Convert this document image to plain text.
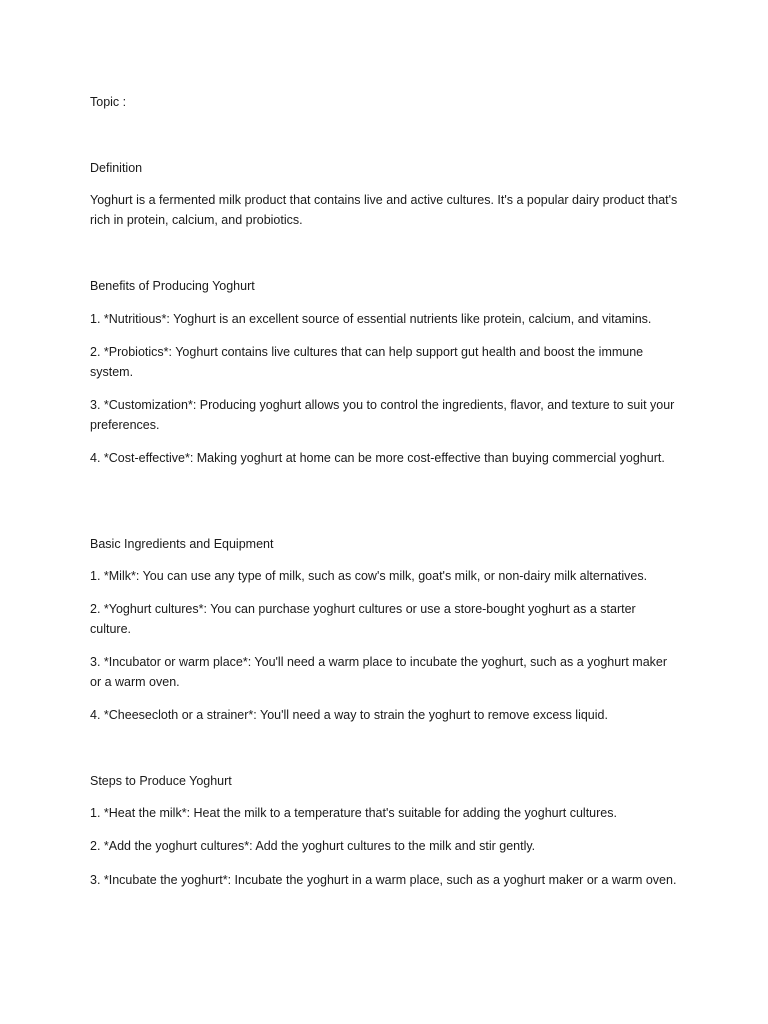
Topic :

Definition

Yoghurt is a fermented milk product that contains live and active cultures. It's a popular dairy product that's rich in protein, calcium, and probiotics.

Benefits of Producing Yoghurt

1. *Nutritious*: Yoghurt is an excellent source of essential nutrients like protein, calcium, and vitamins.

2. *Probiotics*: Yoghurt contains live cultures that can help support gut health and boost the immune system.

3. *Customization*: Producing yoghurt allows you to control the ingredients, flavor, and texture to suit your preferences.

4. *Cost-effective*: Making yoghurt at home can be more cost-effective than buying commercial yoghurt.

Basic Ingredients and Equipment

1. *Milk*: You can use any type of milk, such as cow's milk, goat's milk, or non-dairy milk alternatives.

2. *Yoghurt cultures*: You can purchase yoghurt cultures or use a store-bought yoghurt as a starter culture.

3. *Incubator or warm place*: You'll need a warm place to incubate the yoghurt, such as a yoghurt maker or a warm oven.

4. *Cheesecloth or a strainer*: You'll need a way to strain the yoghurt to remove excess liquid.

Steps to Produce Yoghurt

1. *Heat the milk*: Heat the milk to a temperature that's suitable for adding the yoghurt cultures.

2. *Add the yoghurt cultures*: Add the yoghurt cultures to the milk and stir gently.

3. *Incubate the yoghurt*: Incubate the yoghurt in a warm place, such as a yoghurt maker or a warm oven.
